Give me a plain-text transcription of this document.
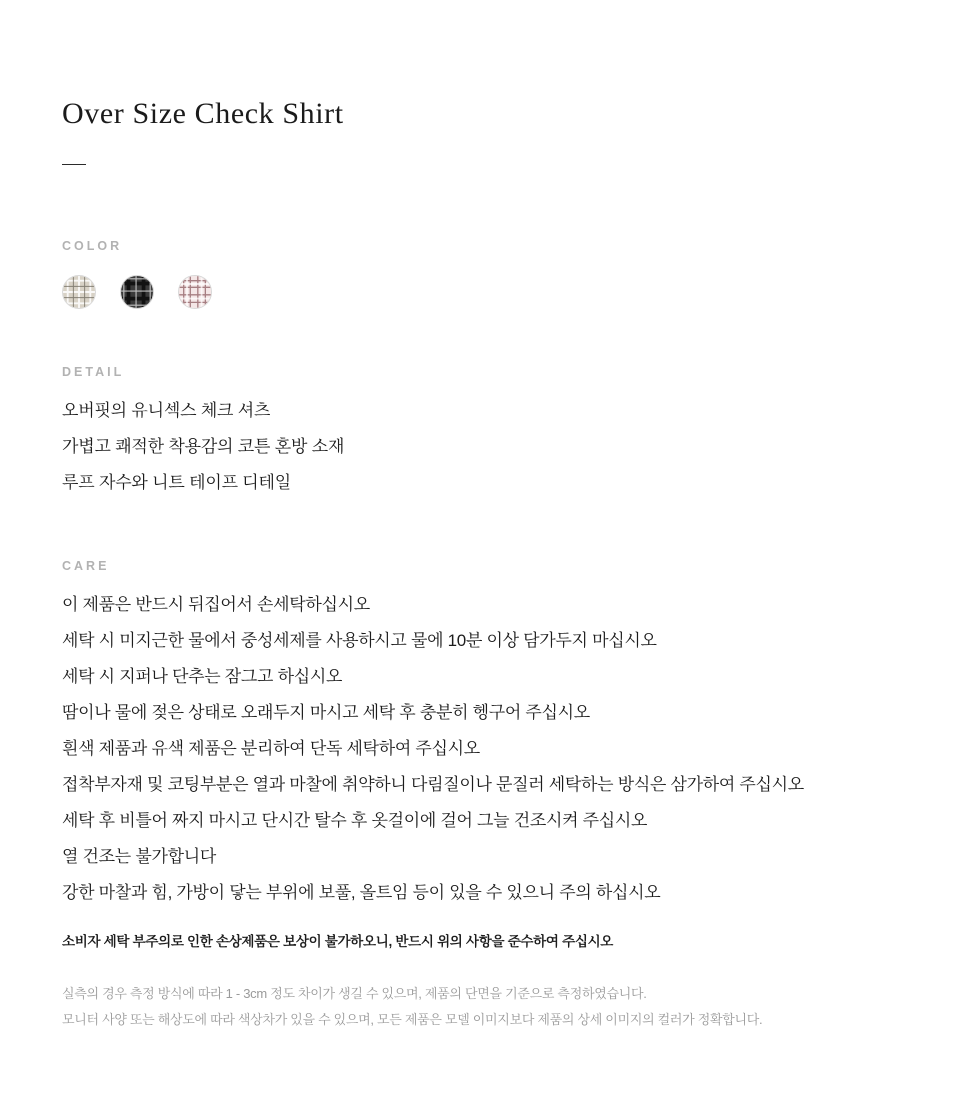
Over Size Check Shirt
COLOR
DETAIL
오버핏의 유니섹스 체크 셔츠
가볍고 쾌적한 착용감의 코튼 혼방 소재
루프 자수와 니트 테이프 디테일
CARE
이 제품은 반드시 뒤집어서 손세탁하십시오
세탁 시 미지근한 물에서 중성세제를 사용하시고 물에 10분 이상 담가두지 마십시오
세탁 시 지퍼나 단추는 잠그고 하십시오
땀이나 물에 젖은 상태로 오래두지 마시고 세탁 후 충분히 헹구어 주십시오
흰색 제품과 유색 제품은 분리하여 단독 세탁하여 주십시오
접착부자재 및 코팅부분은 열과 마찰에 취약하니 다림질이나 문질러 세탁하는 방식은 삼가하여 주십시오
세탁 후 비틀어 짜지 마시고 단시간 탈수 후 옷걸이에 걸어 그늘 건조시켜 주십시오
열 건조는 불가합니다
강한 마찰과 힘, 가방이 닿는 부위에 보풀, 올트임 등이 있을 수 있으니 주의 하십시오

소비자 세탁 부주의로 인한 손상제품은 보상이 불가하오니, 반드시 위의 사항을 준수하여 주십시오

실측의 경우 측정 방식에 따라 1 - 3cm 정도 차이가 생길 수 있으며, 제품의 단면을 기준으로 측정하였습니다.

모니터 사양 또는 해상도에 따라 색상차가 있을 수 있으며, 모든 제품은 모델 이미지보다 제품의 상세 이미지의 컬러가 정확합니다.
